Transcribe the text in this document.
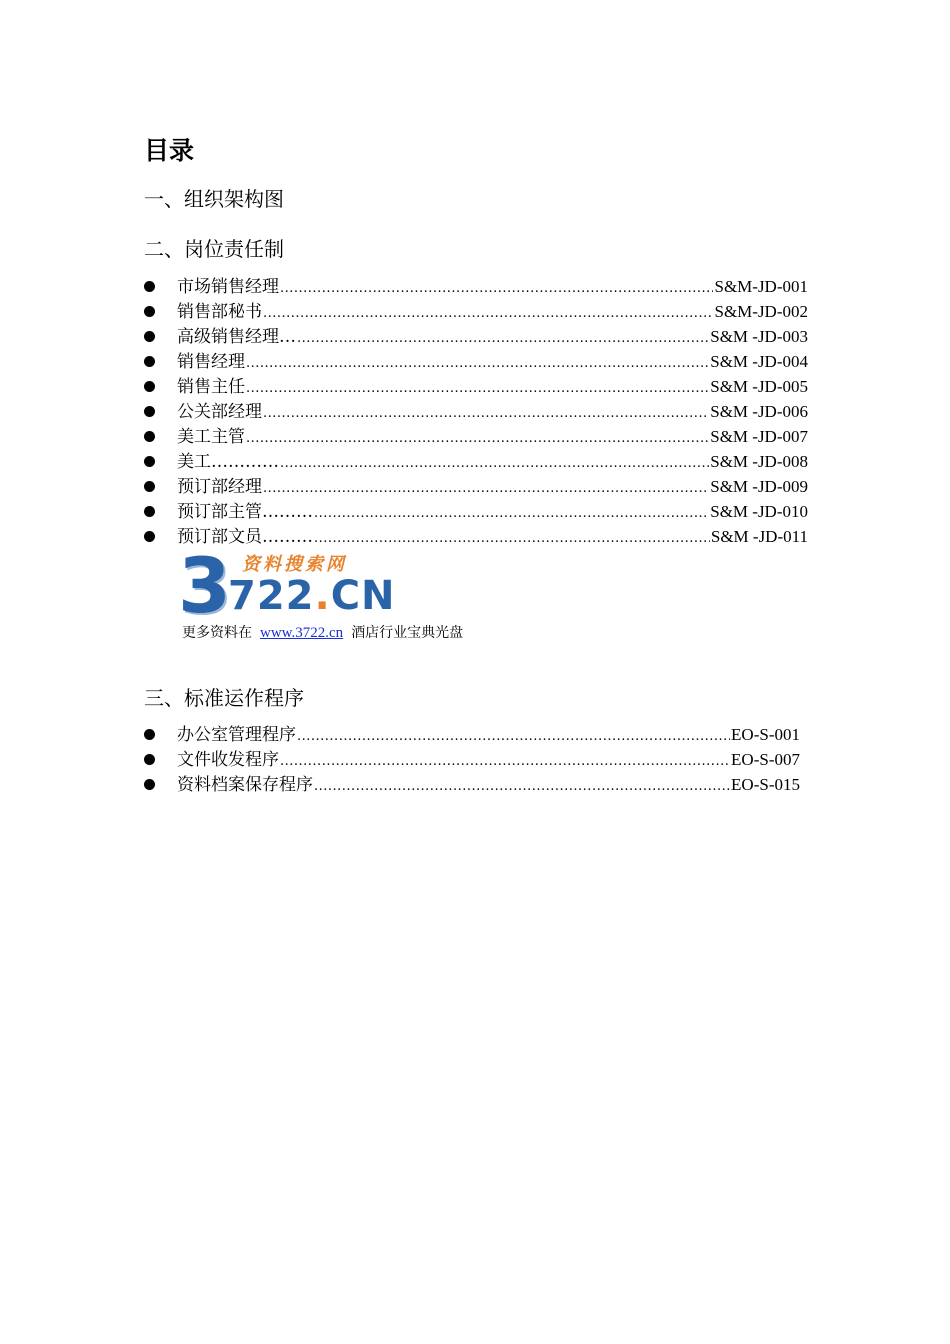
目录
一、组织架构图
二、岗位责任制
市场销售经理 .....	S&M-JD-001
销售部秘书 .....	S&M-JD-002
高级销售经理… .....	S&M -JD-003
销售经理 .....	S&M -JD-004
销售主任 .....	S&M -JD-005
公关部经理 .....	S&M -JD-006
美工主管 .....	S&M -JD-007
美工………… .....	S&M -JD-008
预订部经理 .....	S&M -JD-009
预订部主管……… .....	S&M -JD-010
预订部文员……… .....	S&M -JD-011
3 资料搜索网
722.CN
更多资料在 www.3722.cn 酒店行业宝典光盘
三、标准运作程序
办公室管理程序 .....	EO-S-001
文件收发程序 .....	EO-S-007
资料档案保存程序 .....	EO-S-015
